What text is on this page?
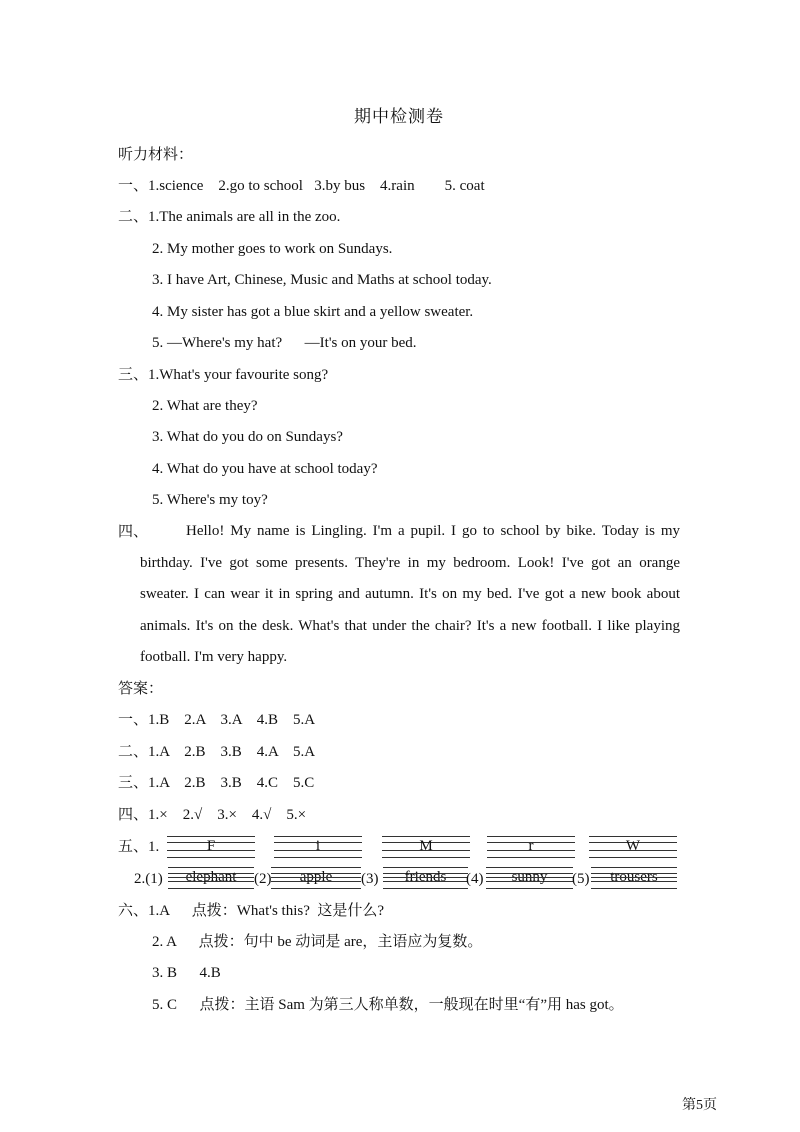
期中检测卷
听力材料：
一、1.science    2.go to school   3.by bus    4.rain        5. coat
二、1.The animals are all in the zoo.
2. My mother goes to work on Sundays.
3. I have Art, Chinese, Music and Maths at school today.
4. My sister has got a blue skirt and a yellow sweater.
5. —Where's my hat?      —It's on your bed.
三、1.What's your favourite song?
2. What are they?
3. What do you do on Sundays?
4. What do you have at school today?
5. Where's my toy?
四、	Hello! My name is Lingling. I'm a pupil. I go to school by bike. Today is my birthday. I've got some presents. They're in my bedroom. Look! I've got an orange sweater. I can wear it in spring and autumn. It's on my bed. I've got a new book about animals. It's on the desk. What's that under the chair? It's a new football. I like playing football. I'm very happy.
答案：
一、1.B    2.A    3.A    4.B    5.A
二、1.A    2.B    3.B    4.A    5.A
三、1.A    2.B    3.B    4.C    5.C
四、1.×    2.√    3.×    4.√    5.×
五、1.	F	i	M	r	W
2.(1)	elephant	(2)	apple	(3)	friends	(4)	sunny	(5)	trousers
六、1.A      点拨：What's this?  这是什么?
2. A      点拨：句中 be 动词是 are，主语应为复数。
3. B      4.B
5. C      点拨：主语 Sam 为第三人称单数，一般现在时里“有”用 has got。
第5页
